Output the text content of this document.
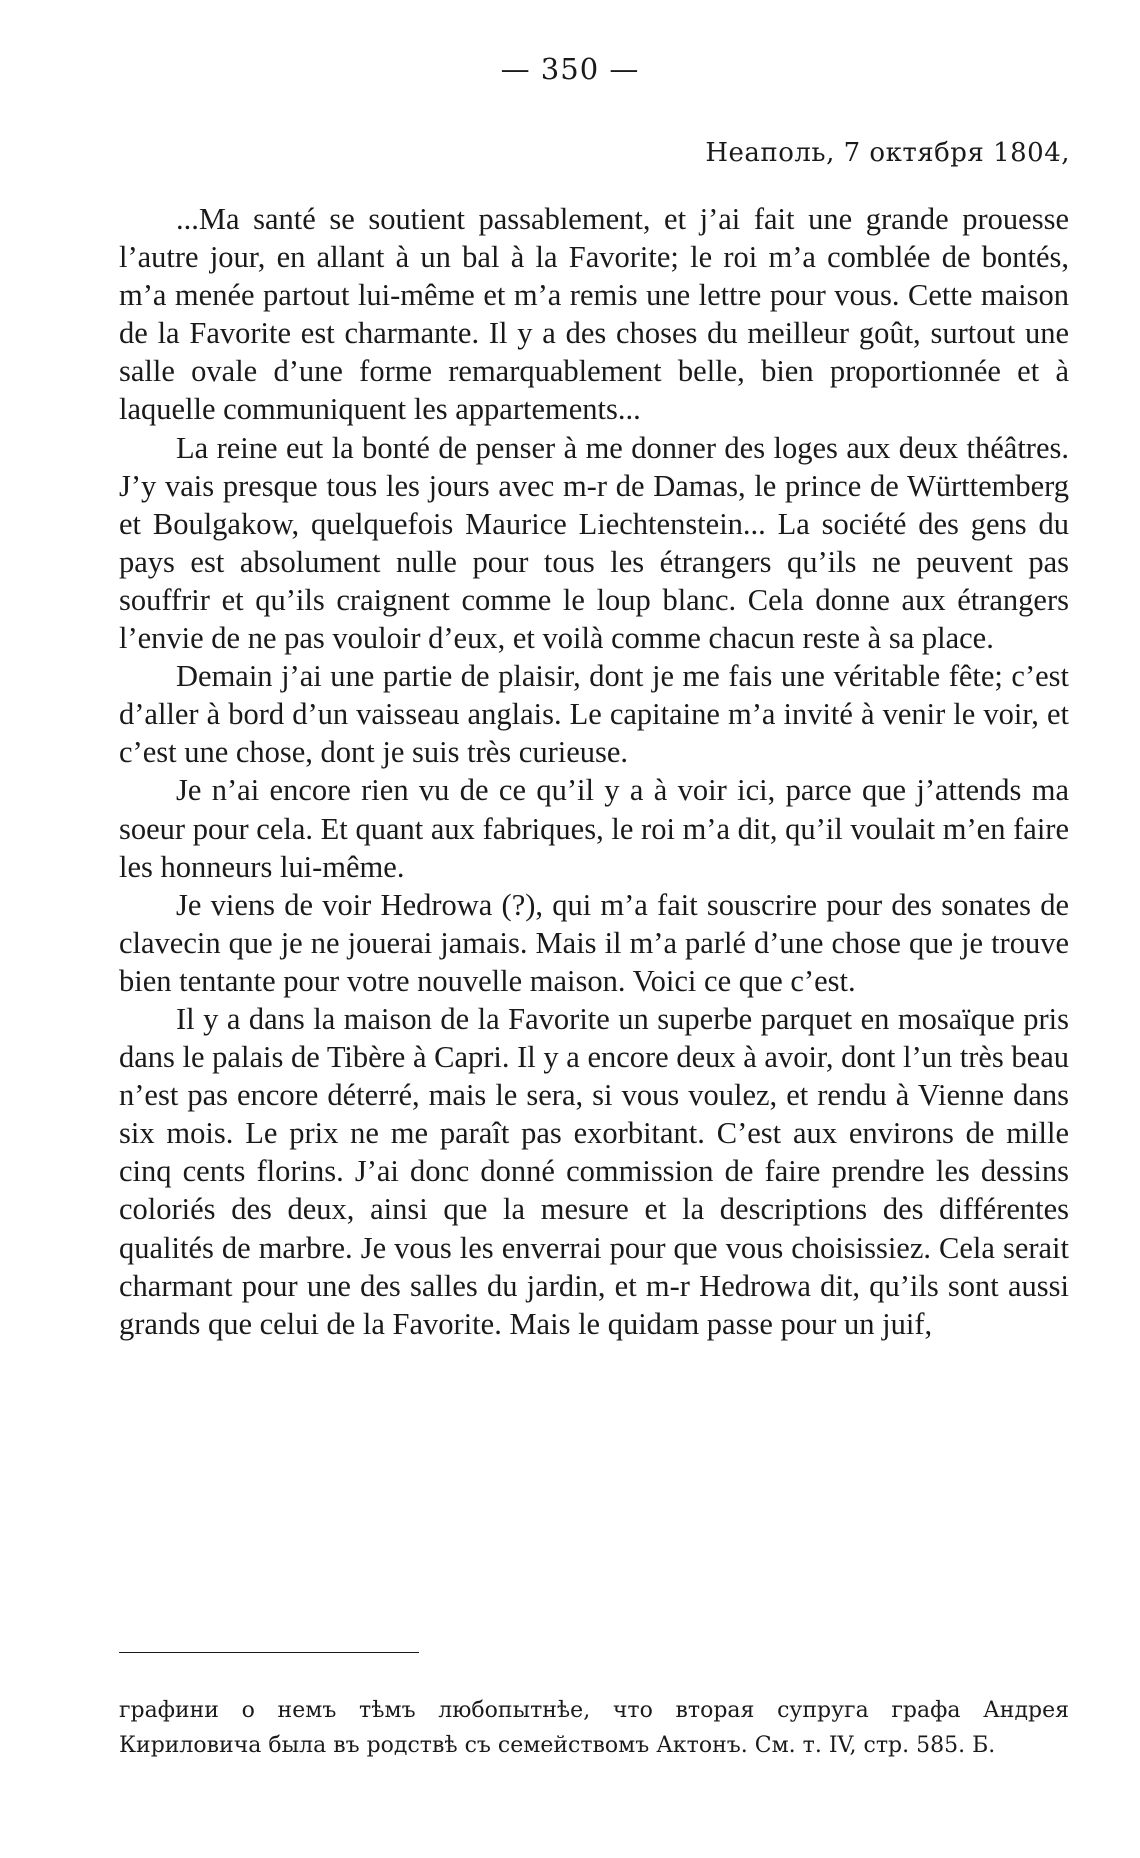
— 350 —
Неаполь, 7 октября 1804,

...Ma santé se soutient passablement, et j’ai fait une grande prouesse l’autre jour, en allant à un bal à la Favorite; le roi m’a comblée de bontés, m’a menée partout lui-même et m’a remis une lettre pour vous. Cette maison de la Favorite est charmante. Il y a des choses du meilleur goût, surtout une salle ovale d’une forme remarquablement belle, bien proportionnée et à laquelle communiquent les appartements...

La reine eut la bonté de penser à me donner des loges aux deux théâtres. J’y vais presque tous les jours avec m-r de Damas, le prince de Württemberg et Boulgakow, quelquefois Maurice Liechtenstein... La société des gens du pays est absolument nulle pour tous les étrangers qu’ils ne peuvent pas souffrir et qu’ils craignent comme le loup blanc. Cela donne aux étrangers l’envie de ne pas vouloir d’eux, et voilà comme chacun reste à sa place.

Demain j’ai une partie de plaisir, dont je me fais une véritable fête; c’est d’aller à bord d’un vaisseau anglais. Le capitaine m’a invité à venir le voir, et c’est une chose, dont je suis très curieuse.

Je n’ai encore rien vu de ce qu’il y a à voir ici, parce que j’attends ma soeur pour cela. Et quant aux fabriques, le roi m’a dit, qu’il voulait m’en faire les honneurs lui-même.

Je viens de voir Hedrowa (?), qui m’a fait souscrire pour des sonates de clavecin que je ne jouerai jamais. Mais il m’a parlé d’une chose que je trouve bien tentante pour votre nouvelle maison. Voici ce que c’est.

Il y a dans la maison de la Favorite un superbe parquet en mosaïque pris dans le palais de Tibère à Capri. Il y a encore deux à avoir, dont l’un très beau n’est pas encore déterré, mais le sera, si vous voulez, et rendu à Vienne dans six mois. Le prix ne me paraît pas exorbitant. C’est aux environs de mille cinq cents florins. J’ai donc donné commission de faire prendre les dessins coloriés des deux, ainsi que la mesure et la descriptions des différentes qualités de marbre. Je vous les enverrai pour que vous choisissiez. Cela serait charmant pour une des salles du jardin, et m-r Hedrowa dit, qu’ils sont aussi grands que celui de la Favorite. Mais le quidam passe pour un juif,

графини о немъ тѣмъ любопытнѣе, что вторая супруга графа Андрея Кириловича была въ родствѣ съ семействомъ Актонъ. См. т. IV, стр. 585. Б.
